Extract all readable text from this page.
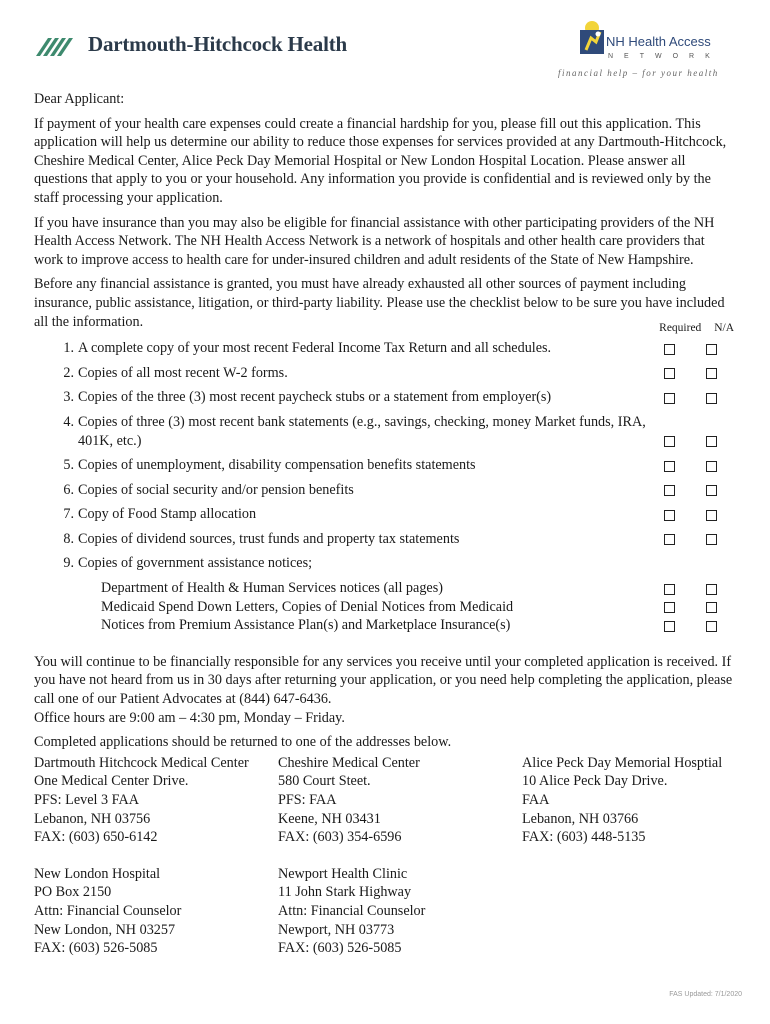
Dartmouth-Hitchcock Health	NH Health Access
NETWORK
financial help – for your health

Dear Applicant:

If payment of your health care expenses could create a financial hardship for you, please fill out this application. This application will help us determine our ability to reduce those expenses for services provided at any Dartmouth-Hitchcock, Cheshire Medical Center, Alice Peck Day Memorial Hospital or New London Hospital Location. Please answer all questions that apply to you or your household. Any information you provide is confidential and is reviewed only by the staff processing your application.

If you have insurance than you may also be eligible for financial assistance with other participating providers of the NH Health Access Network. The NH Health Access Network is a network of hospitals and other health care providers that work to improve access to health care for under-insured children and adult residents of the State of New Hampshire.

Before any financial assistance is granted, you must have already exhausted all other sources of payment including insurance, public assistance, litigation, or third-party liability. Please use the checklist below to be sure you have included all the information.	Required N/A
1. A complete copy of your most recent Federal Income Tax Return and all schedules.
2. Copies of all most recent W-2 forms.
3. Copies of the three (3) most recent paycheck stubs or a statement from employer(s)
4. Copies of three (3) most recent bank statements (e.g., savings, checking, money Market funds, IRA, 401K, etc.)
5. Copies of unemployment, disability compensation benefits statements
6. Copies of social security and/or pension benefits
7. Copy of Food Stamp allocation
8. Copies of dividend sources, trust funds and property tax statements
9. Copies of government assistance notices;
Department of Health & Human Services notices (all pages)
Medicaid Spend Down Letters, Copies of Denial Notices from Medicaid
Notices from Premium Assistance Plan(s) and Marketplace Insurance(s)

You will continue to be financially responsible for any services you receive until your completed application is received. If you have not heard from us in 30 days after returning your application, or you need help completing the application, please call one of our Patient Advocates at (844) 647-6436.

Office hours are 9:00 am – 4:30 pm, Monday – Friday.

Completed applications should be returned to one of the addresses below.

Dartmouth Hitchcock Medical Center
One Medical Center Drive.
PFS: Level 3 FAA
Lebanon, NH 03756
FAX: (603) 650-6142
Cheshire Medical Center
580 Court Steet.
PFS: FAA
Keene, NH 03431
FAX: (603) 354-6596
Alice Peck Day Memorial Hosptial
10 Alice Peck Day Drive.
FAA
Lebanon, NH 03766
FAX: (603) 448-5135
New London Hospital
PO Box 2150
Attn: Financial Counselor
New London, NH 03257
FAX: (603) 526-5085
Newport Health Clinic
11 John Stark Highway
Attn: Financial Counselor
Newport, NH 03773
FAX: (603) 526-5085
FAS Updated: 7/1/2020
